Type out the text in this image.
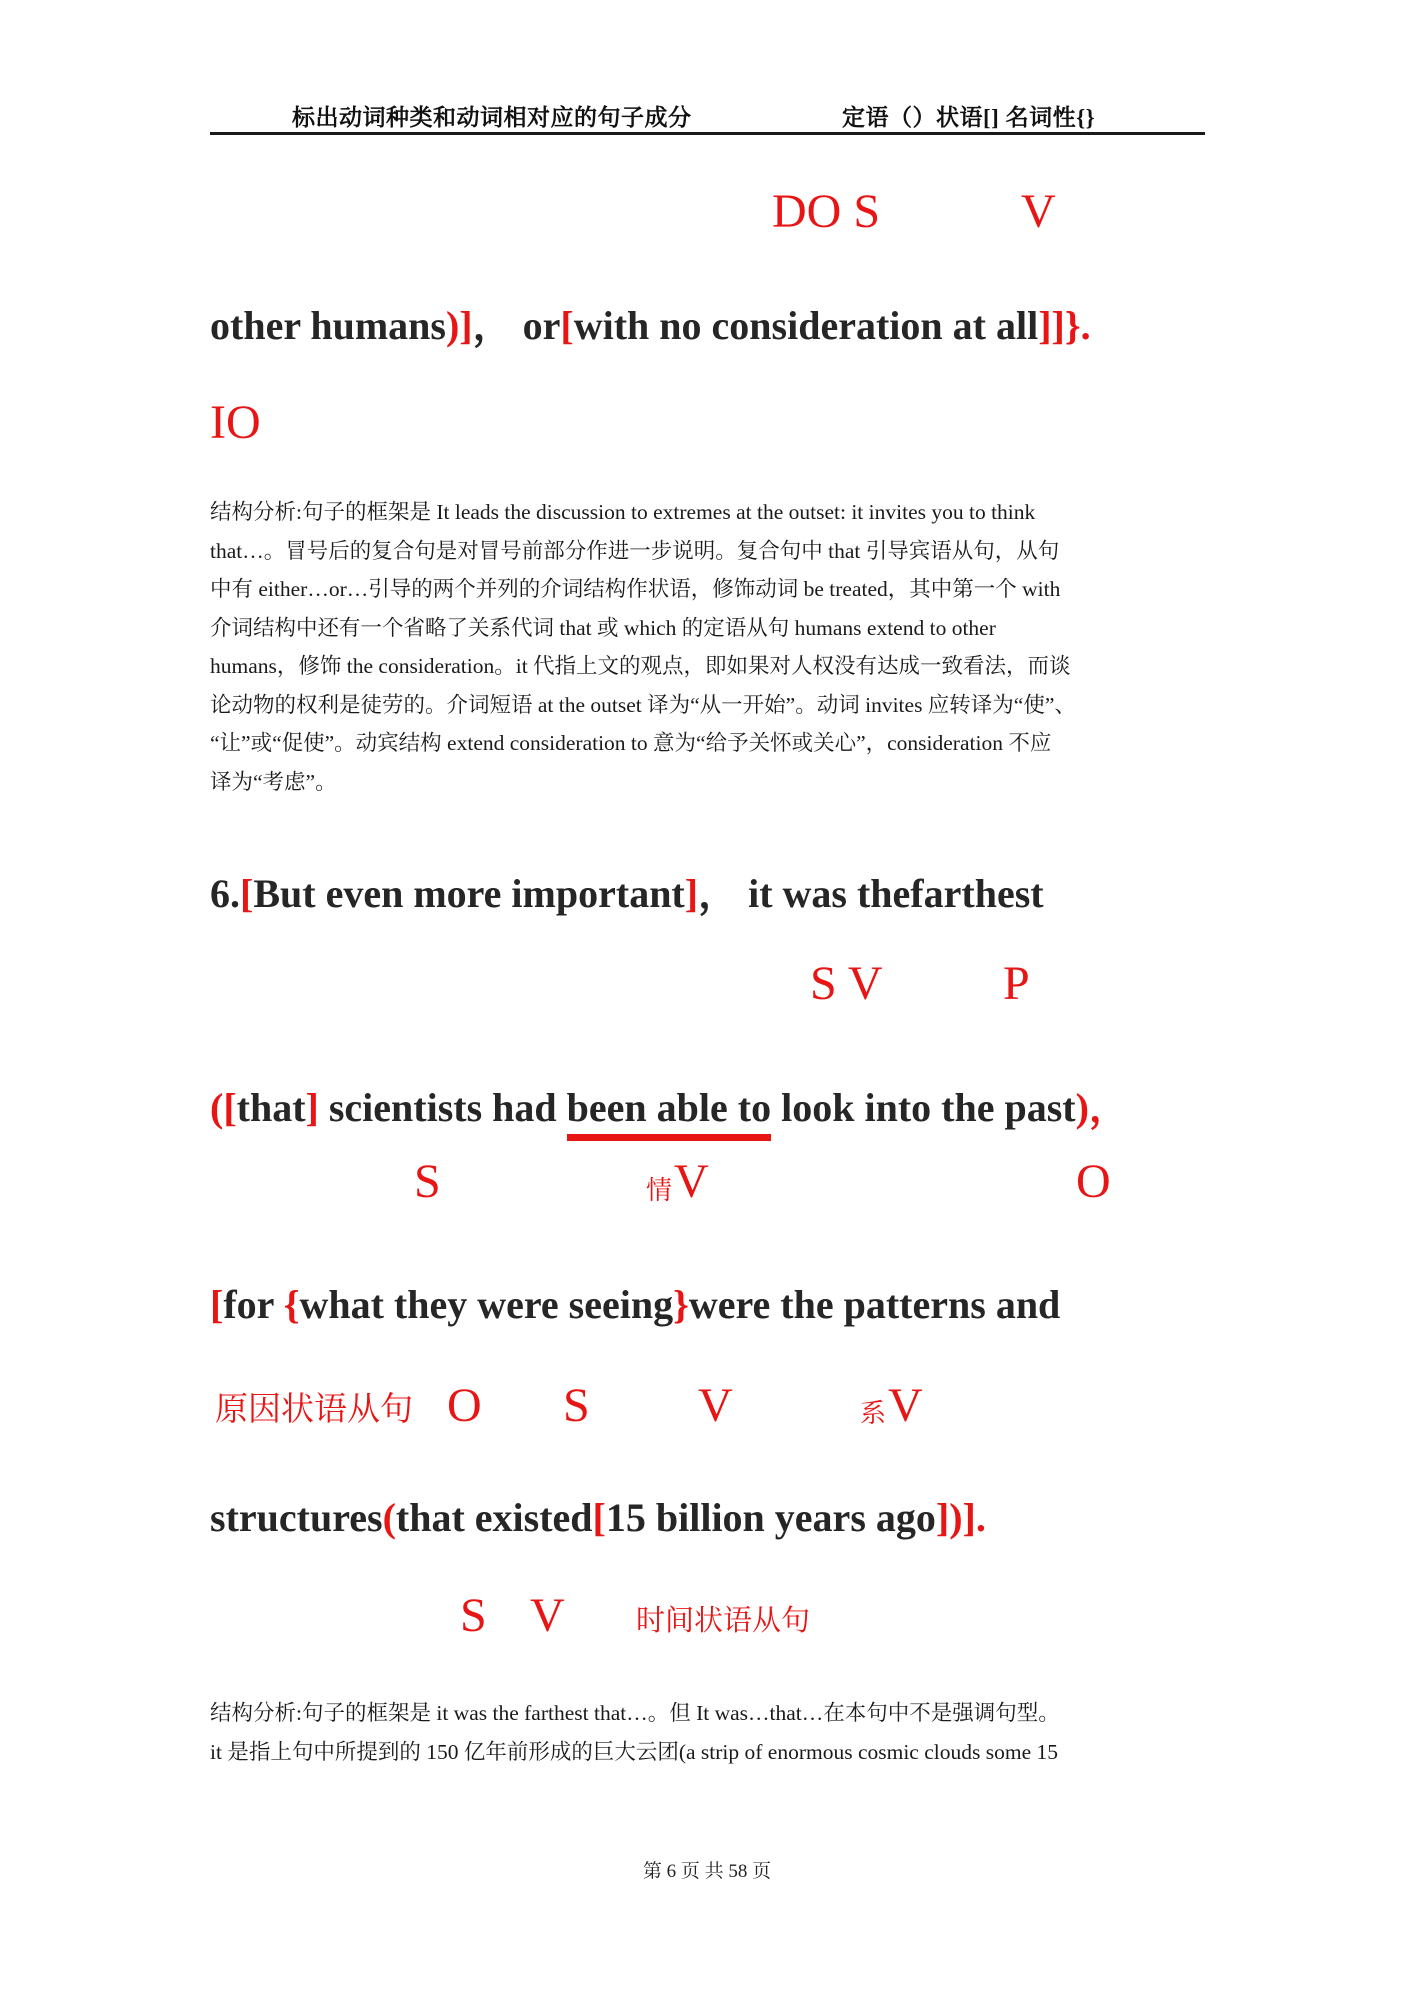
标出动词种类和动词相对应的句子成分	定语（）状语[] 名词性{}
DO S	V
other humans)]， or[with no consideration at all]]}.
IO
结构分析:句子的框架是 It leads the discussion to extremes at the outset: it invites you to think
that…。冒号后的复合句是对冒号前部分作进一步说明。复合句中 that 引导宾语从句，从句
中有 either…or…引导的两个并列的介词结构作状语，修饰动词 be treated，其中第一个 with
介词结构中还有一个省略了关系代词 that 或 which 的定语从句 humans extend to other
humans，修饰 the consideration。it 代指上文的观点，即如果对人权没有达成一致看法，而谈
论动物的权利是徒劳的。介词短语 at the outset 译为“从一开始”。动词 invites 应转译为“使”、
“让”或“促使”。动宾结构 extend consideration to 意为“给予关怀或关心”，consideration 不应
译为“考虑”。
6.[But even more important]， it was thefarthest
S V	P
([that] scientists had been able to look into the past)，
S	情 V	O
[for {what they were seeing}were the patterns and
原因状语从句 O S V	系 V
structures(that existed[15 billion years ago])].
S V 时间状语从句
结构分析:句子的框架是 it was the farthest that…。但 It was…that…在本句中不是强调句型。
it 是指上句中所提到的 150 亿年前形成的巨大云团(a strip of enormous cosmic clouds some 15
第 6 页 共 58 页
